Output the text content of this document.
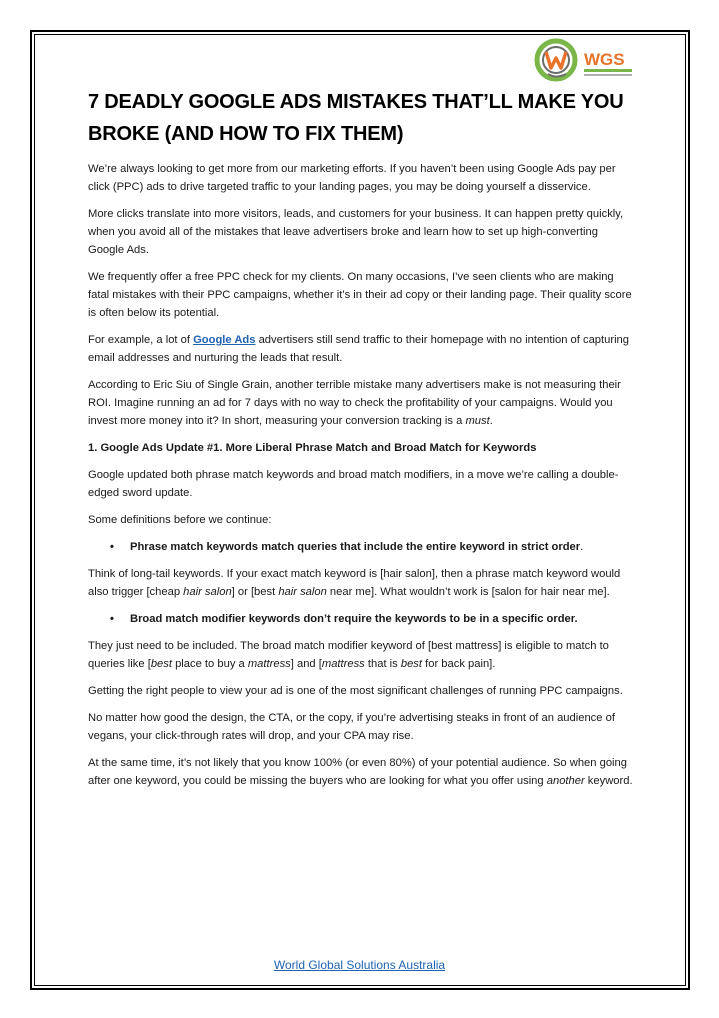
WGS
7 DEADLY GOOGLE ADS MISTAKES THAT’LL MAKE YOU BROKE (AND HOW TO FIX THEM)

We’re always looking to get more from our marketing efforts. If you haven’t been using Google Ads pay per click (PPC) ads to drive targeted traffic to your landing pages, you may be doing yourself a disservice.

More clicks translate into more visitors, leads, and customers for your business. It can happen pretty quickly, when you avoid all of the mistakes that leave advertisers broke and learn how to set up high-converting Google Ads.

We frequently offer a free PPC check for my clients. On many occasions, I’ve seen clients who are making fatal mistakes with their PPC campaigns, whether it’s in their ad copy or their landing page. Their quality score is often below its potential.

For example, a lot of Google Ads advertisers still send traffic to their homepage with no intention of capturing email addresses and nurturing the leads that result.

According to Eric Siu of Single Grain, another terrible mistake many advertisers make is not measuring their ROI. Imagine running an ad for 7 days with no way to check the profitability of your campaigns. Would you invest more money into it? In short, measuring your conversion tracking is a must.

1. Google Ads Update #1. More Liberal Phrase Match and Broad Match for Keywords

Google updated both phrase match keywords and broad match modifiers, in a move we’re calling a double-edged sword update.

Some definitions before we continue:

• Phrase match keywords match queries that include the entire keyword in strict order.

Think of long-tail keywords. If your exact match keyword is [hair salon], then a phrase match keyword would also trigger [cheap hair salon] or [best hair salon near me]. What wouldn’t work is [salon for hair near me].

• Broad match modifier keywords don’t require the keywords to be in a specific order.

They just need to be included. The broad match modifier keyword of [best mattress] is eligible to match to queries like [best place to buy a mattress] and [mattress that is best for back pain].

Getting the right people to view your ad is one of the most significant challenges of running PPC campaigns.

No matter how good the design, the CTA, or the copy, if you’re advertising steaks in front of an audience of vegans, your click-through rates will drop, and your CPA may rise.

At the same time, it’s not likely that you know 100% (or even 80%) of your potential audience. So when going after one keyword, you could be missing the buyers who are looking for what you offer using another keyword.

World Global Solutions Australia
